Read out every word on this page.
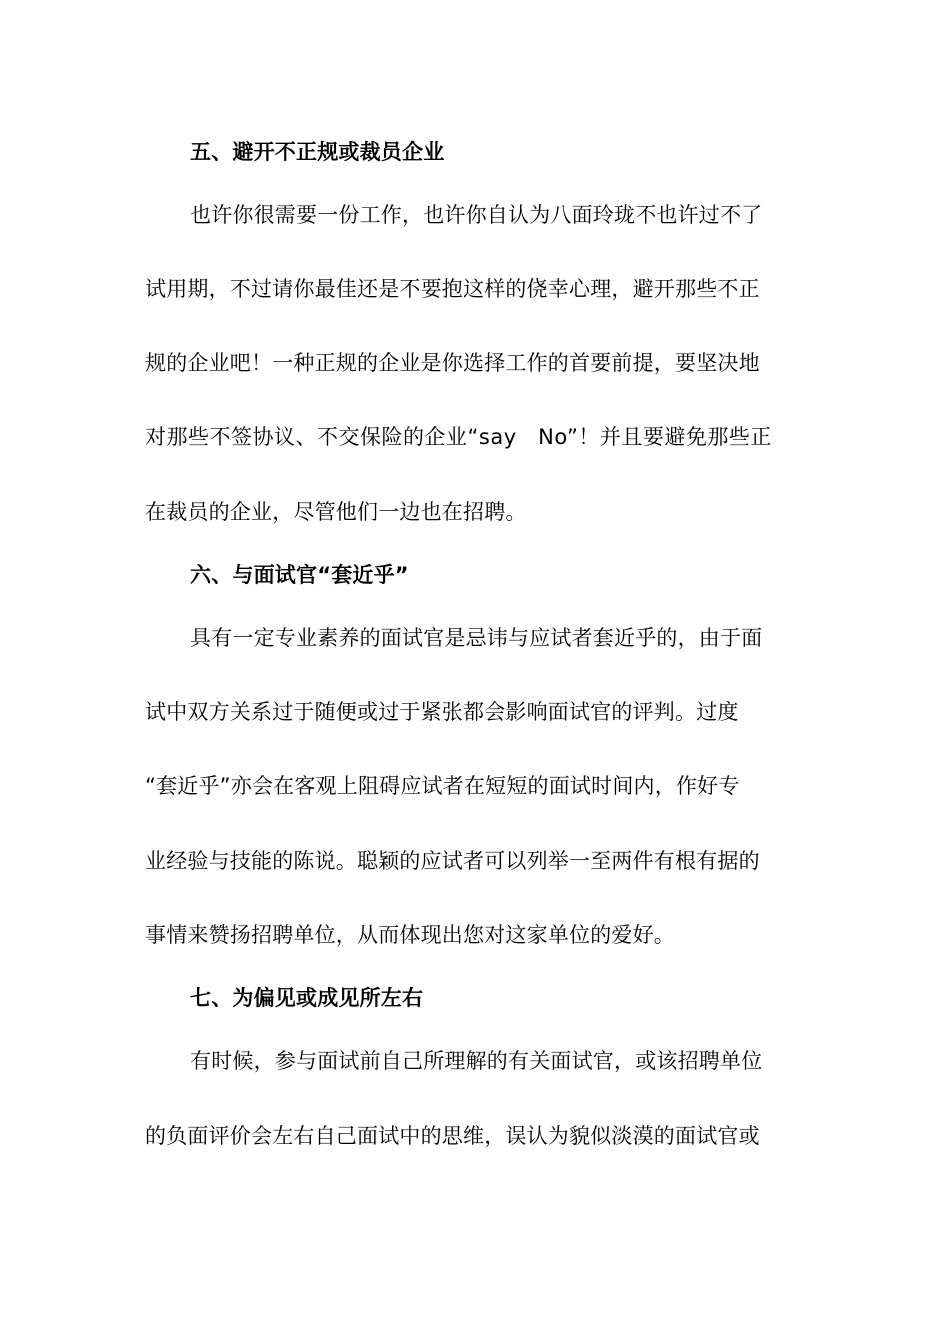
五、避开不正规或裁员企业
也许你很需要一份工作，也许你自认为八面玲珑不也许过不了
试用期，不过请你最佳还是不要抱这样的侥幸心理，避开那些不正
规的企业吧！一种正规的企业是你选择工作的首要前提，要坚决地
对那些不签协议、不交保险的企业“say   No”！并且要避免那些正
在裁员的企业，尽管他们一边也在招聘。
六、与面试官“套近乎”
具有一定专业素养的面试官是忌讳与应试者套近乎的，由于面
试中双方关系过于随便或过于紧张都会影响面试官的评判。过度
“套近乎”亦会在客观上阻碍应试者在短短的面试时间内，作好专
业经验与技能的陈说。聪颖的应试者可以列举一至两件有根有据的
事情来赞扬招聘单位，从而体现出您对这家单位的爱好。
七、为偏见或成见所左右
有时候，参与面试前自己所理解的有关面试官，或该招聘单位
的负面评价会左右自己面试中的思维，误认为貌似淡漠的面试官或
